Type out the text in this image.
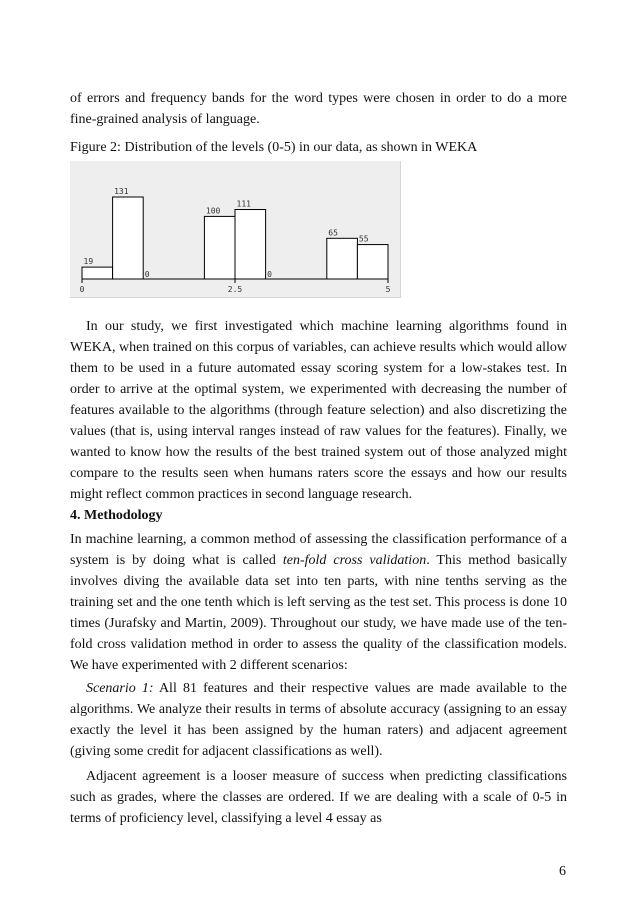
of errors and frequency bands for the word types were chosen in order to do a more fine-grained analysis of language.

Figure 2: Distribution of the levels (0-5) in our data, as shown in WEKA

19
131
0
100
111
0
65
55
0	2.5	5

In our study, we first investigated which machine learning algorithms found in WEKA, when trained on this corpus of variables, can achieve results which would allow them to be used in a future automated essay scoring system for a low-stakes test. In order to arrive at the optimal system, we experimented with decreasing the number of features available to the algorithms (through feature selection) and also discretizing the values (that is, using interval ranges instead of raw values for the features). Finally, we wanted to know how the results of the best trained system out of those analyzed might compare to the results seen when humans raters score the essays and how our results might reflect common practices in second language research.

4. Methodology

In machine learning, a common method of assessing the classification performance of a system is by doing what is called ten-fold cross validation. This method basically involves diving the available data set into ten parts, with nine tenths serving as the training set and the one tenth which is left serving as the test set. This process is done 10 times (Jurafsky and Martin, 2009). Throughout our study, we have made use of the ten-fold cross validation method in order to assess the quality of the classification models. We have experimented with 2 different scenarios:

Scenario 1: All 81 features and their respective values are made available to the algorithms. We analyze their results in terms of absolute accuracy (assigning to an essay exactly the level it has been assigned by the human raters) and adjacent agreement (giving some credit for adjacent classifications as well).

Adjacent agreement is a looser measure of success when predicting classifications such as grades, where the classes are ordered. If we are dealing with a scale of 0-5 in terms of proficiency level, classifying a level 4 essay as

6
